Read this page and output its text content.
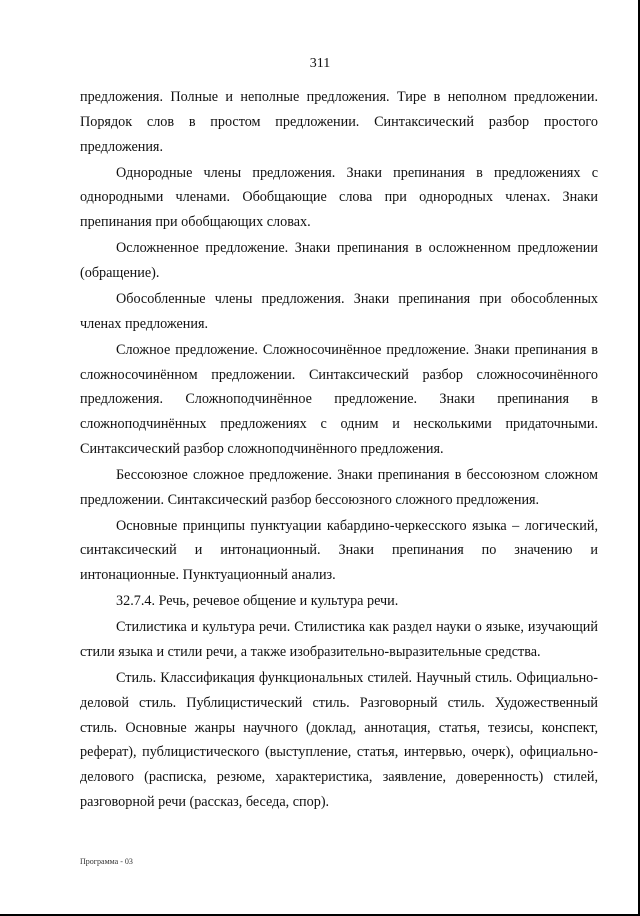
311

предложения. Полные и неполные предложения. Тире в неполном предложении. Порядок слов в простом предложении. Синтаксический разбор простого предложения.

Однородные члены предложения. Знаки препинания в предложениях с однородными членами. Обобщающие слова при однородных членах. Знаки препинания при обобщающих словах.

Осложненное предложение. Знаки препинания в осложненном предложении (обращение).

Обособленные члены предложения. Знаки препинания при обособленных членах предложения.

Сложное предложение. Сложносочинённое предложение. Знаки препинания в сложносочинённом предложении. Синтаксический разбор сложносочинённого предложения. Сложноподчинённое предложение. Знаки препинания в сложноподчинённых предложениях с одним и несколькими придаточными. Синтаксический разбор сложноподчинённого предложения.

Бессоюзное сложное предложение. Знаки препинания в бессоюзном сложном предложении. Синтаксический разбор бессоюзного сложного предложения.

Основные принципы пунктуации кабардино-черкесского языка – логический, синтаксический и интонационный. Знаки препинания по значению и интонационные. Пунктуационный анализ.

32.7.4. Речь, речевое общение и культура речи.

Стилистика и культура речи. Стилистика как раздел науки о языке, изучающий стили языка и стили речи, а также изобразительно-выразительные средства.

Стиль. Классификация функциональных стилей. Научный стиль. Официально-деловой стиль. Публицистический стиль. Разговорный стиль. Художественный стиль. Основные жанры научного (доклад, аннотация, статья, тезисы, конспект, реферат), публицистического (выступление, статья, интервью, очерк), официально-делового (расписка, резюме, характеристика, заявление, доверенность) стилей, разговорной речи (рассказ, беседа, спор).

Программа - 03
